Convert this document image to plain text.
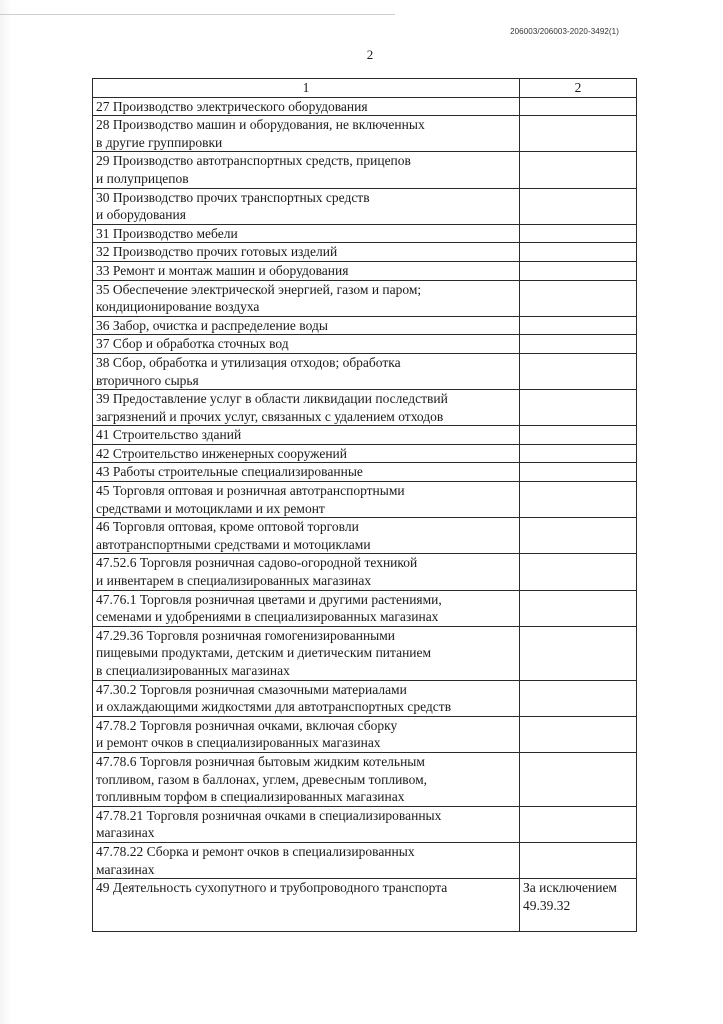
206003/206003-2020-3492(1)
2
1	2
27 Производство электрического оборудования	
28 Производство машин и оборудования, не включенных
в другие группировки	
29 Производство автотранспортных средств, прицепов
и полуприцепов	
30 Производство прочих транспортных средств
и оборудования	
31 Производство мебели	
32 Производство прочих готовых изделий	
33 Ремонт и монтаж машин и оборудования	
35 Обеспечение электрической энергией, газом и паром;
кондиционирование воздуха	
36 Забор, очистка и распределение воды	
37 Сбор и обработка сточных вод	
38 Сбор, обработка и утилизация отходов; обработка
вторичного сырья	
39 Предоставление услуг в области ликвидации последствий
загрязнений и прочих услуг, связанных с удалением отходов	
41 Строительство зданий	
42 Строительство инженерных сооружений	
43 Работы строительные специализированные	
45 Торговля оптовая и розничная автотранспортными
средствами и мотоциклами и их ремонт	
46 Торговля оптовая, кроме оптовой торговли
автотранспортными средствами и мотоциклами	
47.52.6 Торговля розничная садово-огородной техникой
и инвентарем в специализированных магазинах	
47.76.1 Торговля розничная цветами и другими растениями,
семенами и удобрениями в специализированных магазинах	
47.29.36 Торговля розничная гомогенизированными
пищевыми продуктами, детским и диетическим питанием
в специализированных магазинах	
47.30.2 Торговля розничная смазочными материалами
и охлаждающими жидкостями для автотранспортных средств	
47.78.2 Торговля розничная очками, включая сборку
и ремонт очков в специализированных магазинах	
47.78.6 Торговля розничная бытовым жидким котельным
топливом, газом в баллонах, углем, древесным топливом,
топливным торфом в специализированных магазинах	
47.78.21 Торговля розничная очками в специализированных
магазинах	
47.78.22 Сборка и ремонт очков в специализированных
магазинах	
49 Деятельность сухопутного и трубопроводного транспорта	За исключением
49.39.32
